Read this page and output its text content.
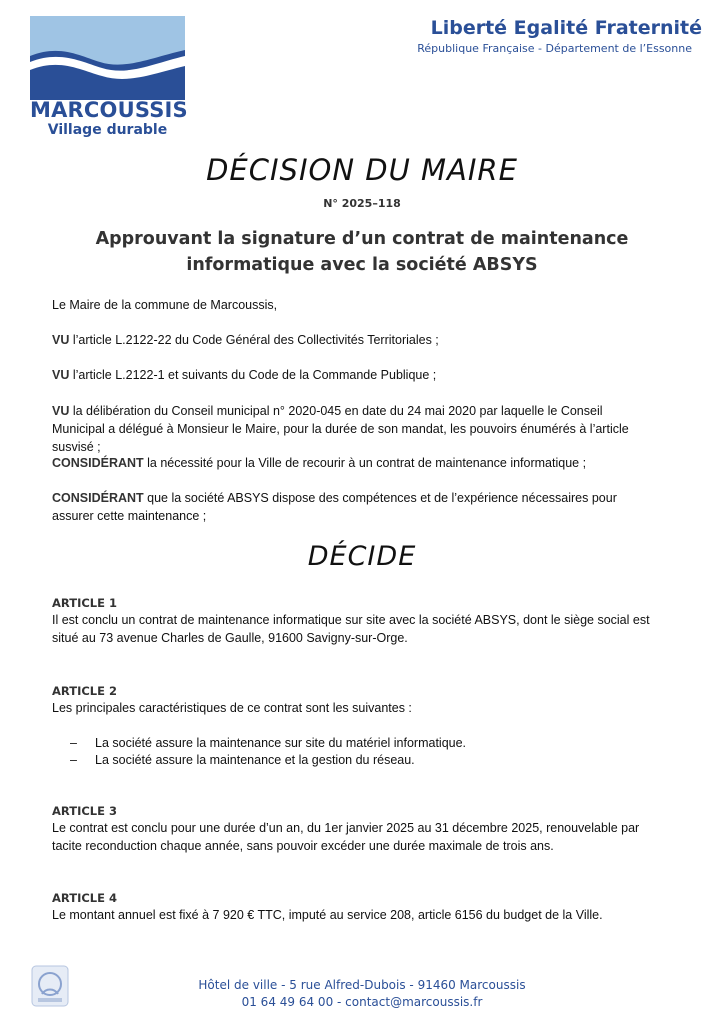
MARCOUSSIS
Village durable
Liberté Egalité Fraternité
République Française - Département de l’Essonne
DÉCISION DU MAIRE
N° 2025–118
Approuvant la signature d’un contrat de maintenance
informatique avec la société ABSYS
Le Maire de la commune de Marcoussis,
VU l’article L.2122-22 du Code Général des Collectivités Territoriales ;
VU l’article L.2122-1 et suivants du Code de la Commande Publique ;
VU la délibération du Conseil municipal n° 2020-045 en date du 24 mai 2020 par laquelle le Conseil Municipal a délégué à Monsieur le Maire, pour la durée de son mandat, les pouvoirs énumérés à l’article susvisé ;
CONSIDÉRANT la nécessité pour la Ville de recourir à un contrat de maintenance informatique ;
CONSIDÉRANT que la société ABSYS dispose des compétences et de l’expérience nécessaires pour assurer cette maintenance ;
DÉCIDE
ARTICLE 1
Il est conclu un contrat de maintenance informatique sur site avec la société ABSYS, dont le siège social est situé au 73 avenue Charles de Gaulle, 91600 Savigny-sur-Orge.
ARTICLE 2
Les principales caractéristiques de ce contrat sont les suivantes :
– La société assure la maintenance sur site du matériel informatique.
– La société assure la maintenance et la gestion du réseau.
ARTICLE 3
Le contrat est conclu pour une durée d’un an, du 1er janvier 2025 au 31 décembre 2025, renouvelable par tacite reconduction chaque année, sans pouvoir excéder une durée maximale de trois ans.
ARTICLE 4
Le montant annuel est fixé à 7 920 € TTC, imputé au service 208, article 6156 du budget de la Ville.
Hôtel de ville - 5 rue Alfred-Dubois - 91460 Marcoussis
01 64 49 64 00 - contact@marcoussis.fr
